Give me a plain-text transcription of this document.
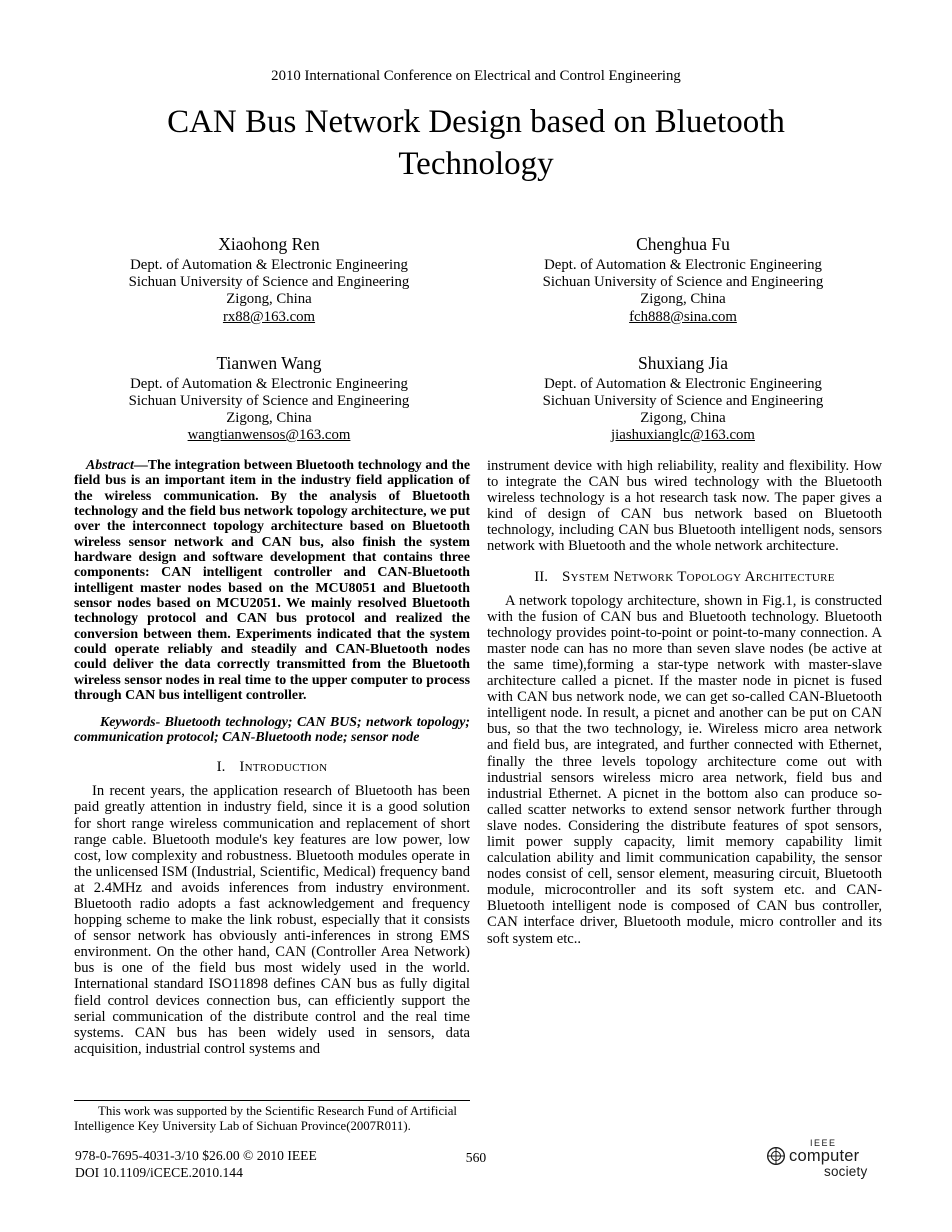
2010 International Conference on Electrical and Control Engineering
CAN Bus Network Design based on Bluetooth Technology
Xiaohong Ren
Dept. of Automation & Electronic Engineering
Sichuan University of Science and Engineering
Zigong, China
rx88@163.com
Chenghua Fu
Dept. of Automation & Electronic Engineering
Sichuan University of Science and Engineering
Zigong, China
fch888@sina.com
Tianwen Wang
Dept. of Automation & Electronic Engineering
Sichuan University of Science and Engineering
Zigong, China
wangtianwensos@163.com
Shuxiang Jia
Dept. of Automation & Electronic Engineering
Sichuan University of Science and Engineering
Zigong, China
jiashuxianglc@163.com

Abstract—The integration between Bluetooth technology and the field bus is an important item in the industry field application of the wireless communication. By the analysis of Bluetooth technology and the field bus network topology architecture, we put over the interconnect topology architecture based on Bluetooth wireless sensor network and CAN bus, also finish the system hardware design and software development that contains three components: CAN intelligent controller and CAN-Bluetooth intelligent master nodes based on the MCU8051 and Bluetooth sensor nodes based on MCU2051. We mainly resolved Bluetooth technology protocol and CAN bus protocol and realized the conversion between them. Experiments indicated that the system could operate reliably and steadily and CAN-Bluetooth nodes could deliver the data correctly transmitted from the Bluetooth wireless sensor nodes in real time to the upper computer to process through CAN bus intelligent controller.

Keywords- Bluetooth technology; CAN BUS; network topology; communication protocol; CAN-Bluetooth node; sensor node

I. Introduction

In recent years, the application research of Bluetooth has been paid greatly attention in industry field, since it is a good solution for short range wireless communication and replacement of short range cable. Bluetooth module's key features are low power, low cost, low complexity and robustness. Bluetooth modules operate in the unlicensed ISM (Industrial, Scientific, Medical) frequency band at 2.4MHz and avoids inferences from industry environment. Bluetooth radio adopts a fast acknowledgement and frequency hopping scheme to make the link robust, especially that it consists of sensor network has obviously anti-inferences in strong EMS environment. On the other hand, CAN (Controller Area Network) bus is one of the field bus most widely used in the world. International standard ISO11898 defines CAN bus as fully digital field control devices connection bus, can efficiently support the serial communication of the distribute control and the real time systems. CAN bus has been widely used in sensors, data acquisition, industrial control systems and

This work was supported by the Scientific Research Fund of Artificial Intelligence Key University Lab of Sichuan Province(2007R011).

instrument device with high reliability, reality and flexibility. How to integrate the CAN bus wired technology with the Bluetooth wireless technology is a hot research task now. The paper gives a kind of design of CAN bus network based on Bluetooth technology, including CAN bus Bluetooth intelligent nods, sensors network with Bluetooth and the whole network architecture.

II. System Network Topology Architecture

A network topology architecture, shown in Fig.1, is constructed with the fusion of CAN bus and Bluetooth technology. Bluetooth technology provides point-to-point or point-to-many connection. A master node can has no more than seven slave nodes (be active at the same time),forming a star-type network with master-slave architecture called a picnet. If the master node in picnet is fused with CAN bus network node, we can get so-called CAN-Bluetooth intelligent node. In result, a picnet and another can be put on CAN bus, so that the two technology, ie. Wireless micro area network and field bus, are integrated, and further connected with Ethernet, finally the three levels topology architecture come out with industrial sensors wireless micro area network, field bus and industrial Ethernet. A picnet in the bottom also can produce so-called scatter networks to extend sensor network further through slave nodes. Considering the distribute features of spot sensors, limit power supply capacity, limit memory capability limit calculation ability and limit communication capability, the sensor nodes consist of cell, sensor element, measuring circuit, Bluetooth module, microcontroller and its soft system etc. and CAN-Bluetooth intelligent node is composed of CAN bus controller, CAN interface driver, Bluetooth module, micro controller and its soft system etc..

978-0-7695-4031-3/10 $26.00 © 2010 IEEE
DOI 10.1109/iCECE.2010.144
560
IEEE
computer
society
